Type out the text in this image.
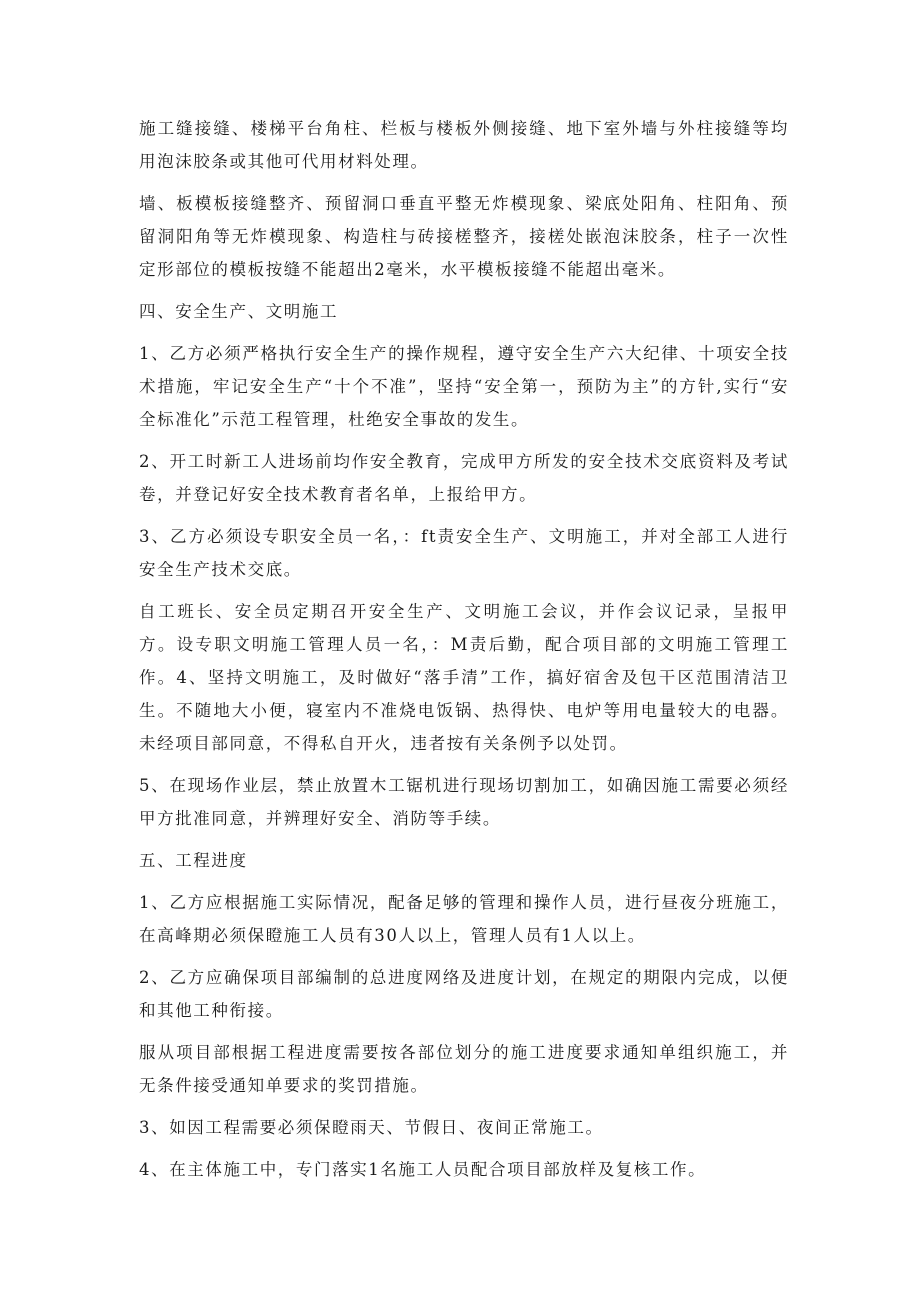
施工缝接缝、楼梯平台角柱、栏板与楼板外侧接缝、地下室外墙与外柱接缝等均用泡沫胶条或其他可代用材料处理。

墙、板模板接缝整齐、预留洞口垂直平整无炸模现象、梁底处阳角、柱阳角、预留洞阳角等无炸模现象、构造柱与砖接槎整齐，接槎处嵌泡沫胶条，柱子一次性定形部位的模板按缝不能超出2毫米，水平模板接缝不能超出毫米。

四、安全生产、文明施工

1、乙方必须严格执行安全生产的操作规程，遵守安全生产六大纪律、十项安全技术措施，牢记安全生产“十个不准”，坚持“安全第一，预防为主”的方针,实行“安全标准化”示范工程管理，杜绝安全事故的发生。

2、开工时新工人进场前均作安全教育，完成甲方所发的安全技术交底资料及考试卷，并登记好安全技术教育者名单，上报给甲方。

3、乙方必须设专职安全员一名，：ft责安全生产、文明施工，并对全部工人进行安全生产技术交底。

自工班长、安全员定期召开安全生产、文明施工会议，并作会议记录，呈报甲方。设专职文明施工管理人员一名，：M责后勤，配合项目部的文明施工管理工作。4、坚持文明施工，及时做好“落手清”工作，搞好宿舍及包干区范围清洁卫生。不随地大小便，寝室内不准烧电饭锅、热得快、电炉等用电量较大的电器。未经项目部同意，不得私自开火，违者按有关条例予以处罚。

5、在现场作业层，禁止放置木工锯机进行现场切割加工，如确因施工需要必须经甲方批准同意，并辨理好安全、消防等手续。

五、工程进度

1、乙方应根据施工实际情况，配备足够的管理和操作人员，进行昼夜分班施工，在高峰期必须保瞪施工人员有30人以上，管理人员有1人以上。

2、乙方应确保项目部编制的总进度网络及进度计划，在规定的期限内完成，以便和其他工种衔接。

服从项目部根据工程进度需要按各部位划分的施工进度要求通知单组织施工，并无条件接受通知单要求的奖罚措施。

3、如因工程需要必须保瞪雨天、节假日、夜间正常施工。

4、在主体施工中，专门落实1名施工人员配合项目部放样及复核工作。
